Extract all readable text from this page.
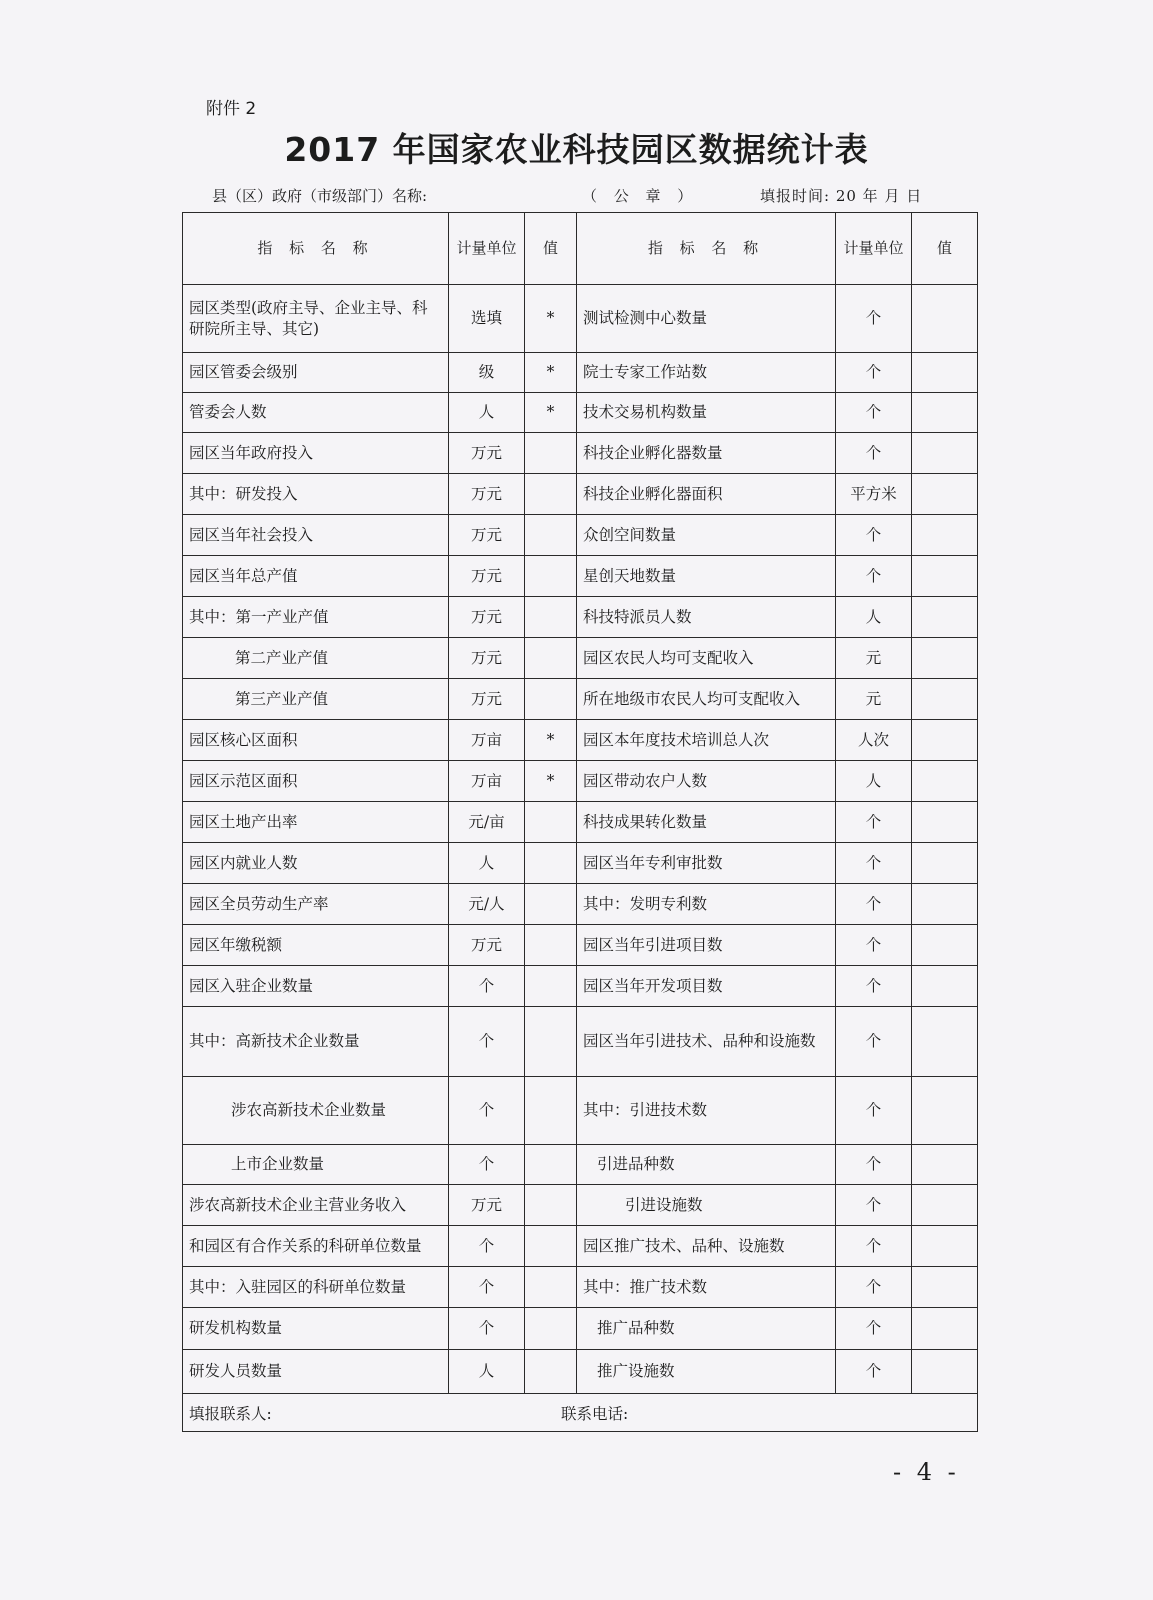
附件 2
2017 年国家农业科技园区数据统计表
县（区）政府（市级部门）名称:	（ 公 章 ）	填报时间: 20 年 月 日
指 标 名 称	计量单位	值	指 标 名 称	计量单位	值
园区类型(政府主导、企业主导、科研院所主导、其它)	选填	*	测试检测中心数量	个	
园区管委会级别	级	*	院士专家工作站数	个	
管委会人数	人	*	技术交易机构数量	个	
园区当年政府投入	万元		科技企业孵化器数量	个	
其中：研发投入	万元		科技企业孵化器面积	平方米	
园区当年社会投入	万元		众创空间数量	个	
园区当年总产值	万元		星创天地数量	个	
其中：第一产业产值	万元		科技特派员人数	人	
第二产业产值	万元		园区农民人均可支配收入	元	
第三产业产值	万元		所在地级市农民人均可支配收入	元	
园区核心区面积	万亩	*	园区本年度技术培训总人次	人次	
园区示范区面积	万亩	*	园区带动农户人数	人	
园区土地产出率	元/亩		科技成果转化数量	个	
园区内就业人数	人		园区当年专利审批数	个	
园区全员劳动生产率	元/人		其中：发明专利数	个	
园区年缴税额	万元		园区当年引进项目数	个	
园区入驻企业数量	个		园区当年开发项目数	个	
其中：高新技术企业数量	个		园区当年引进技术、品种和设施数	个	
涉农高新技术企业数量	个		其中：引进技术数	个	
上市企业数量	个		引进品种数	个	
涉农高新技术企业主营业务收入	万元		引进设施数	个	
和园区有合作关系的科研单位数量	个		园区推广技术、品种、设施数	个	
其中：入驻园区的科研单位数量	个		其中：推广技术数	个	
研发机构数量	个		推广品种数	个	
研发人员数量	人		推广设施数	个	

填报联系人: 联系电话:					
- 4 -
